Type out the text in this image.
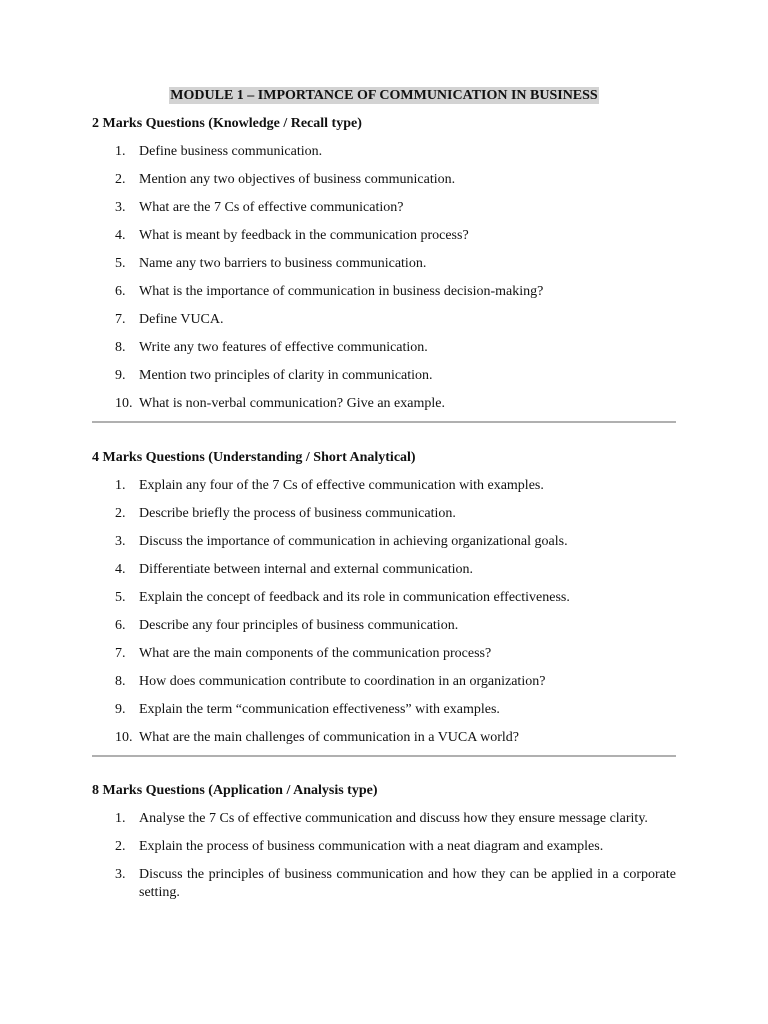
MODULE 1 – IMPORTANCE OF COMMUNICATION IN BUSINESS

2 Marks Questions (Knowledge / Recall type)

1. Define business communication.
2. Mention any two objectives of business communication.
3. What are the 7 Cs of effective communication?
4. What is meant by feedback in the communication process?
5. Name any two barriers to business communication.
6. What is the importance of communication in business decision-making?
7. Define VUCA.
8. Write any two features of effective communication.
9. Mention two principles of clarity in communication.
10. What is non-verbal communication? Give an example.

4 Marks Questions (Understanding / Short Analytical)

1. Explain any four of the 7 Cs of effective communication with examples.
2. Describe briefly the process of business communication.
3. Discuss the importance of communication in achieving organizational goals.
4. Differentiate between internal and external communication.
5. Explain the concept of feedback and its role in communication effectiveness.
6. Describe any four principles of business communication.
7. What are the main components of the communication process?
8. How does communication contribute to coordination in an organization?
9. Explain the term “communication effectiveness” with examples.
10. What are the main challenges of communication in a VUCA world?

8 Marks Questions (Application / Analysis type)

1. Analyse the 7 Cs of effective communication and discuss how they ensure message clarity.
2. Explain the process of business communication with a neat diagram and examples.
3. Discuss the principles of business communication and how they can be applied in a corporate setting.
